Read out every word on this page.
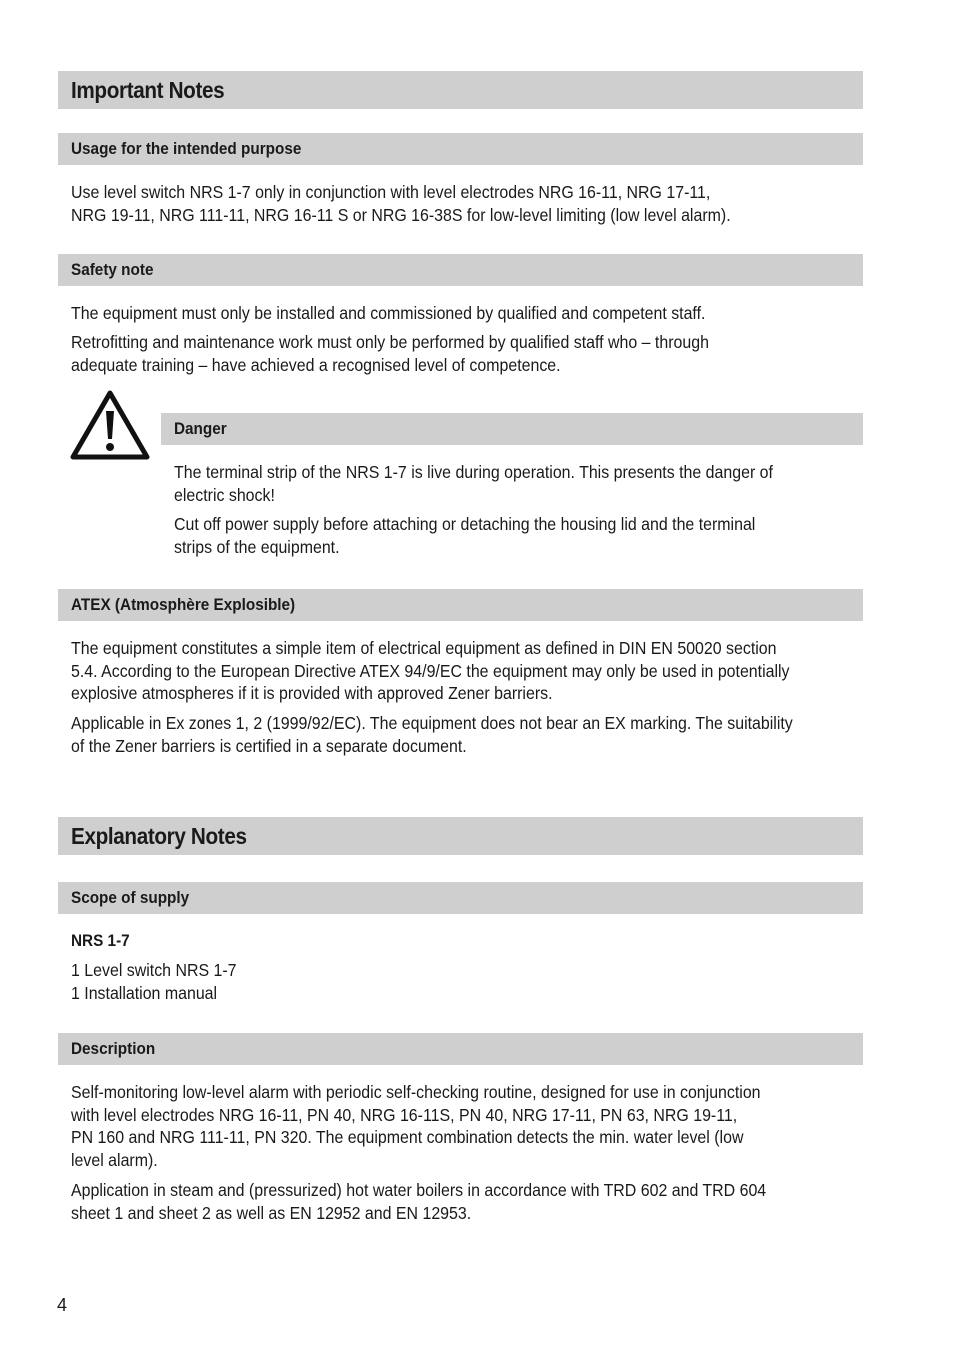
Important Notes
Usage for the intended purpose

Use level switch NRS 1-7 only in conjunction with level electrodes NRG 16-11, NRG 17-11,
NRG 19-11, NRG 111-11, NRG 16-11 S or NRG 16-38S for low-level limiting (low level alarm).

Safety note

The equipment must only be installed and commissioned by qualified and competent staff.

Retrofitting and maintenance work must only be performed by qualified staff who – through
adequate training – have achieved a recognised level of competence.

Danger

The terminal strip of the NRS 1-7 is live during operation. This presents the danger of
electric shock!

Cut off power supply before attaching or detaching the housing lid and the terminal
strips of the equipment.

ATEX (Atmosphère Explosible)

The equipment constitutes a simple item of electrical equipment as defined in DIN EN 50020 section
5.4. According to the European Directive ATEX 94/9/EC the equipment may only be used in potentially
explosive atmospheres if it is provided with approved Zener barriers.

Applicable in Ex zones 1, 2 (1999/92/EC). The equipment does not bear an EX marking. The suitability
of the Zener barriers is certified in a separate document.

Explanatory Notes
Scope of supply

NRS 1-7

1 Level switch NRS 1-7
1 Installation manual

Description

Self-monitoring low-level alarm with periodic self-checking routine, designed for use in conjunction
with level electrodes NRG 16-11, PN 40, NRG 16-11S, PN 40, NRG 17-11, PN 63, NRG 19-11,
PN 160 and NRG 111-11, PN 320. The equipment combination detects the min. water level (low
level alarm).

Application in steam and (pressurized) hot water boilers in accordance with TRD 602 and TRD 604
sheet 1 and sheet 2 as well as EN 12952 and EN 12953.

4
